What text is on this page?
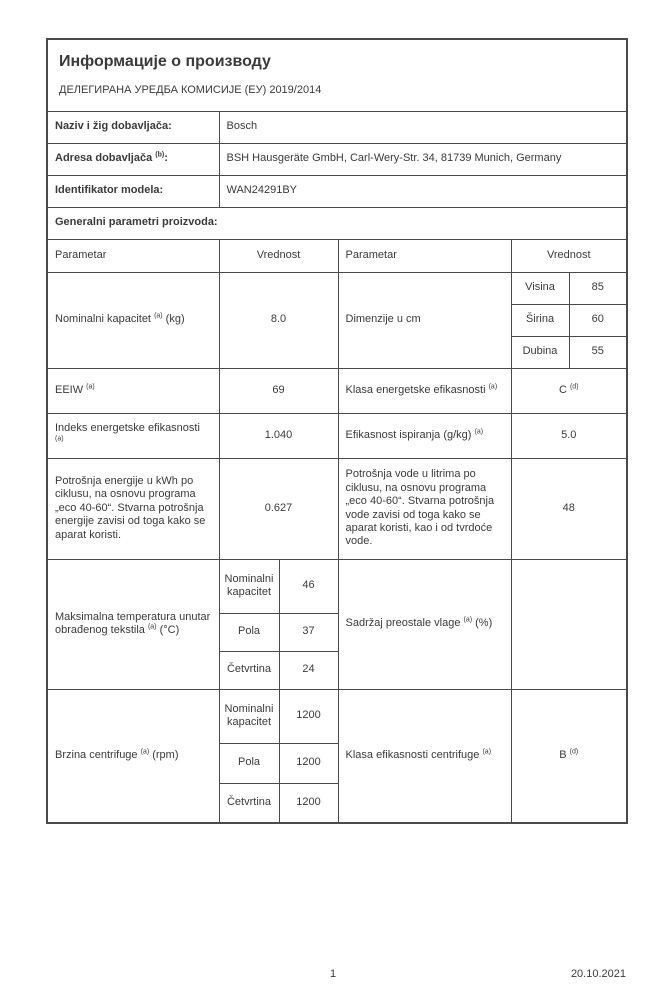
Информације о производу
ДЕЛЕГИРАНА УРЕДБА КОМИСИЈЕ (ЕУ) 2019/2014					

Naziv i žig dobavljača:	Bosch				
Adresa dobavljača $^{(b)}$:	BSH Hausgeräte GmbH, Carl-Wery-Str. 34, 81739 Munich, Germany				
Identifikator modela:	WAN24291BY				
Generalni parametri proizvoda:					
Parametar	Vrednost		Parametar	Vrednost	
Nominalni kapacitet $^{(a)}$ (kg)	8.0		Dimenzije u cm	Visina	85
				Širina	60
				Dubina	55
EEIW $^{(a)}$	69		Klasa energetske efikasnosti $^{(a)}$	C $^{(d)}$
Indeks energetske efikasnosti $^{(a)}$	1.040		Efikasnost ispiranja (g/kg) $^{(a)}$	5.0	
Potrošnja energije u kWh po ciklusu, na osnovu programa „eco 40-60“. Stvarna potrošnja energije zavisi od toga kako se aparat koristi.	0.627		Potrošnja vode u litrima po ciklusu, na osnovu programa „eco 40-60“. Stvarna potrošnja vode zavisi od toga kako se aparat koristi, kao i od tvrdoće vode.	48	
Maksimalna temperatura unutar obrađenog tekstila $^{(a)}$ (°C)	Nominalni kapacitet	46	Sadržaj preostale vlage $^{(a)}$ (%)		
	Pola	37			
	Četvrtina	24			
Brzina centrifuge $^{(a)}$ (rpm)	Nominalni kapacitet	1200	Klasa efikasnosti centrifuge $^{(a)}$	B $^{(d)}$
	Pola	1200			
	Četvrtina	1200			
1	20.10.2021
